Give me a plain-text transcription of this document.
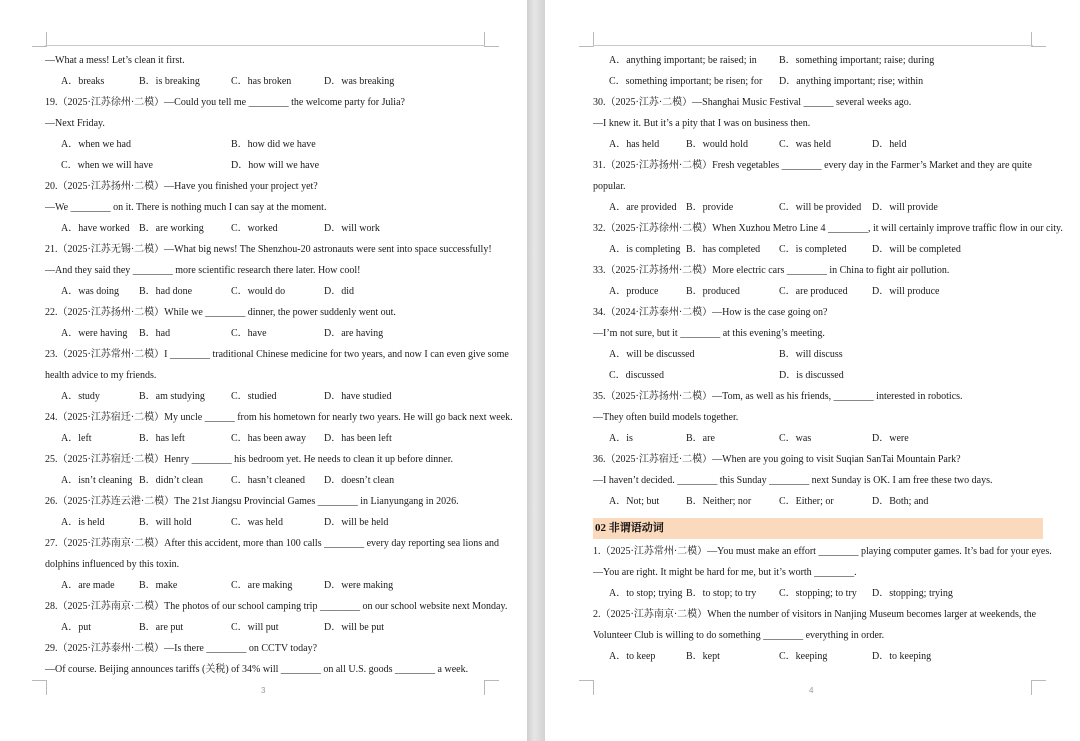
—What a mess! Let’s clean it first.
A．breaks	B．is breaking	C．has broken	D．was breaking
19.（2025·江苏徐州·二模）—Could you tell me ________ the welcome party for Julia?
—Next Friday.
A．when we had	B．how did we have
C．when we will have	D．how will we have
20.（2025·江苏扬州·二模）—Have you finished your project yet?
—We ________ on it. There is nothing much I can say at the moment.
A．have worked B．are working	C．worked	D．will work
21.（2025·江苏无锡·二模）—What big news! The Shenzhou-20 astronauts were sent into space successfully!
—And they said they ________ more scientific research there later. How cool!
A．was doing B．had done	C．would do	D．did
22.（2025·江苏扬州·二模）While we ________ dinner, the power suddenly went out.
A．were having B．had	C．have	D．are having
23.（2025·江苏常州·二模）I ________ traditional Chinese medicine for two years, and now I can even give some
health advice to my friends.
A．study	B．am studying	C．studied	D．have studied
24.（2025·江苏宿迁·二模）My uncle ______ from his hometown for nearly two years. He will go back next week.
A．left	B．has left	C．has been away D．has been left
25.（2025·江苏宿迁·二模）Henry ________ his bedroom yet. He needs to clean it up before dinner.
A．isn’t cleaning B．didn’t clean	C．hasn’t cleaned D．doesn’t clean
26.（2025·江苏连云港·二模）The 21st Jiangsu Provincial Games ________ in Lianyungang in 2026.
A．is held	B．will hold	C．was held	D．will be held
27.（2025·江苏南京·二模）After this accident, more than 100 calls ________ every day reporting sea lions and
dolphins influenced by this toxin.
A．are made B．make	C．are making	D．were making
28.（2025·江苏南京·二模）The photos of our school camping trip ________ on our school website next Monday.
A．put	B．are put	C．will put	D．will be put
29.（2025·江苏泰州·二模）—Is there ________ on CCTV today?
—Of course. Beijing announces tariffs (关税) of 34% will ________ on all U.S. goods ________ a week.
3
A．anything important; be raised; in B．something important; raise; during
C．something important; be risen; for D．anything important; rise; within
30.（2025·江苏·二模）—Shanghai Music Festival ______ several weeks ago.
—I knew it. But it’s a pity that I was on business then.
A．has held	B．would hold	C．was held	D．held
31.（2025·江苏扬州·二模）Fresh vegetables ________ every day in the Farmer’s Market and they are quite
popular.
A．are provided B．provide	C．will be provided D．will provide
32.（2025·江苏徐州·二模）When Xuzhou Metro Line 4 ________, it will certainly improve traffic flow in our city.
A．is completing B．has completed C．is completed	D．will be completed
33.（2025·江苏扬州·二模）More electric cars ________ in China to fight air pollution.
A．produce	B．produced	C．are produced D．will produce
34.（2024·江苏泰州·二模）—How is the case going on?
—I’m not sure, but it ________ at this evening’s meeting.
A．will be discussed	B．will discuss
C．discussed	D．is discussed
35.（2025·江苏扬州·二模）—Tom, as well as his friends, ________ interested in robotics.
—They often build models together.
A．is	B．are	C．was	D．were
36.（2025·江苏宿迁·二模）—When are you going to visit Suqian SanTai Mountain Park?
—I haven’t decided. ________ this Sunday ________ next Sunday is OK. I am free these two days.
A．Not; but	B．Neither; nor	C．Either; or	D．Both; and
02 非谓语动词
1.（2025·江苏常州·二模）—You must make an effort ________ playing computer games. It’s bad for your eyes.
—You are right. It might be hard for me, but it’s worth ________.
A．to stop; trying B．to stop; to try C．stopping; to try D．stopping; trying
2.（2025·江苏南京·二模）When the number of visitors in Nanjing Museum becomes larger at weekends, the
Volunteer Club is willing to do something ________ everything in order.
A．to keep	B．kept	C．keeping	D．to keeping
4
